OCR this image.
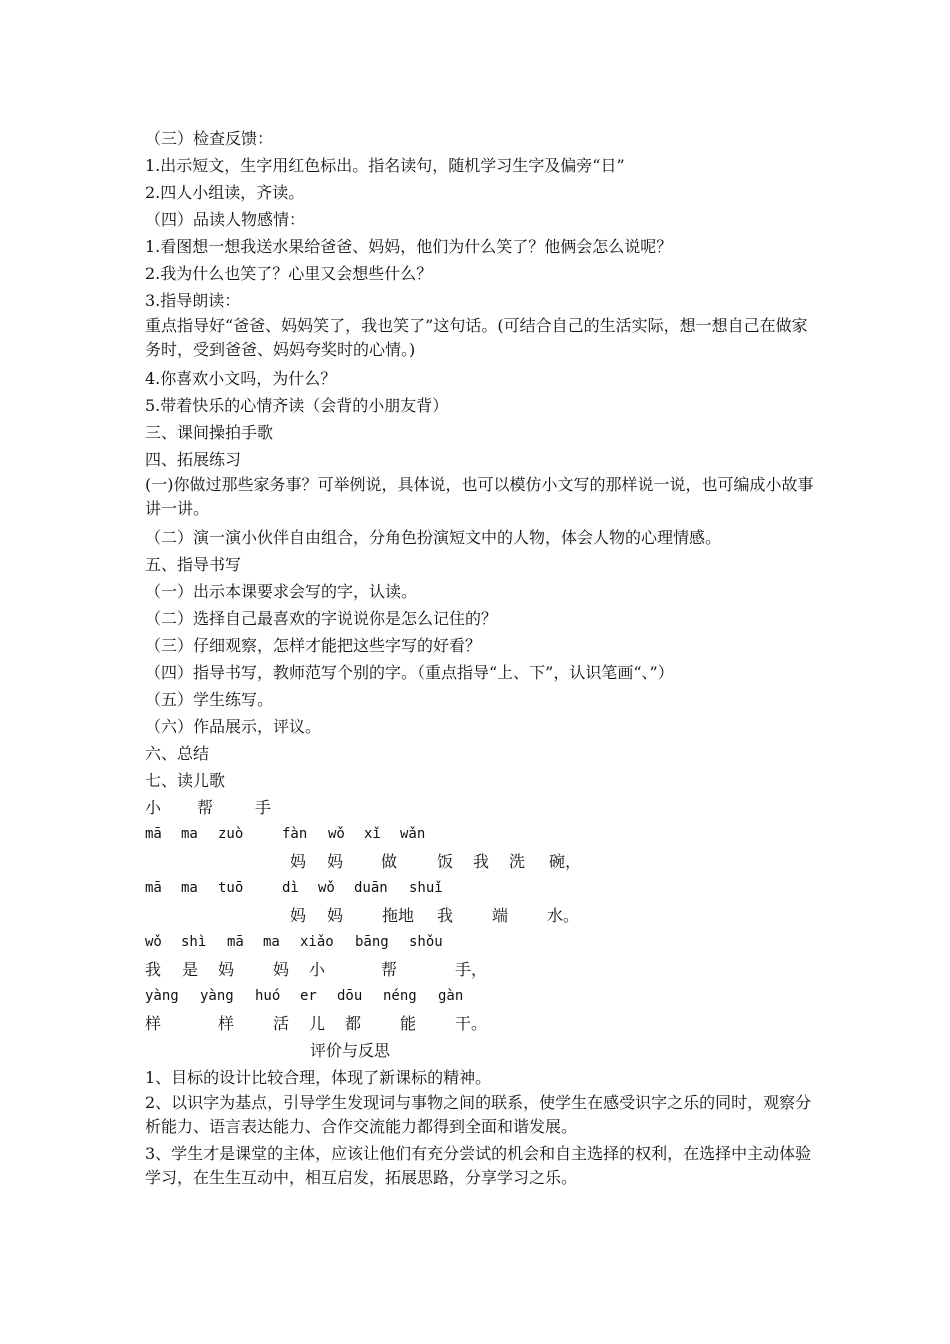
（三）检查反馈：
1.出示短文，生字用红色标出。指名读句，随机学习生字及偏旁“日”
2.四人小组读，齐读。
（四）品读人物感情：
1.看图想一想我送水果给爸爸、妈妈，他们为什么笑了？他俩会怎么说呢？
2.我为什么也笑了？心里又会想些什么？
3.指导朗读：
重点指导好“爸爸、妈妈笑了，我也笑了”这句话。(可结合自己的生活实际，想一想自己在做家务时，受到爸爸、妈妈夸奖时的心情。)
4.你喜欢小文吗，为什么？
5.带着快乐的心情齐读（会背的小朋友背）
三、课间操拍手歌
四、拓展练习
(一)你做过那些家务事？可举例说，具体说，也可以模仿小文写的那样说一说，也可编成小故事讲一讲。
（二）演一演小伙伴自由组合，分角色扮演短文中的人物，体会人物的心理情感。
五、指导书写
（一）出示本课要求会写的字，认读。
（二）选择自己最喜欢的字说说你是怎么记住的？
（三）仔细观察，怎样才能把这些字写的好看？
（四）指导书写，教师范写个别的字。（重点指导“上、下”，认识笔画“、”）
（五）学生练写。
（六）作品展示，评议。
六、总结
七、读儿歌
小 帮	手
mā ma zuò	fàn wǒ xǐ wǎn
妈 妈 做 饭 我 洗 碗，
mā ma tuō	dì wǒ duān shuǐ
妈 妈 拖地 我 端 水。
wǒ shì mā ma xiǎo bāng shǒu
我 是 妈 妈 小	帮	手，
yàng yàng huó er dōu néng gàn
样	样 活 儿 都 能 干。
评价与反思
1、目标的设计比较合理，体现了新课标的精神。
2、以识字为基点，引导学生发现词与事物之间的联系，使学生在感受识字之乐的同时，观察分析能力、语言表达能力、合作交流能力都得到全面和谐发展。
3、学生才是课堂的主体，应该让他们有充分尝试的机会和自主选择的权利，在选择中主动体验学习，在生生互动中，相互启发，拓展思路，分享学习之乐。
